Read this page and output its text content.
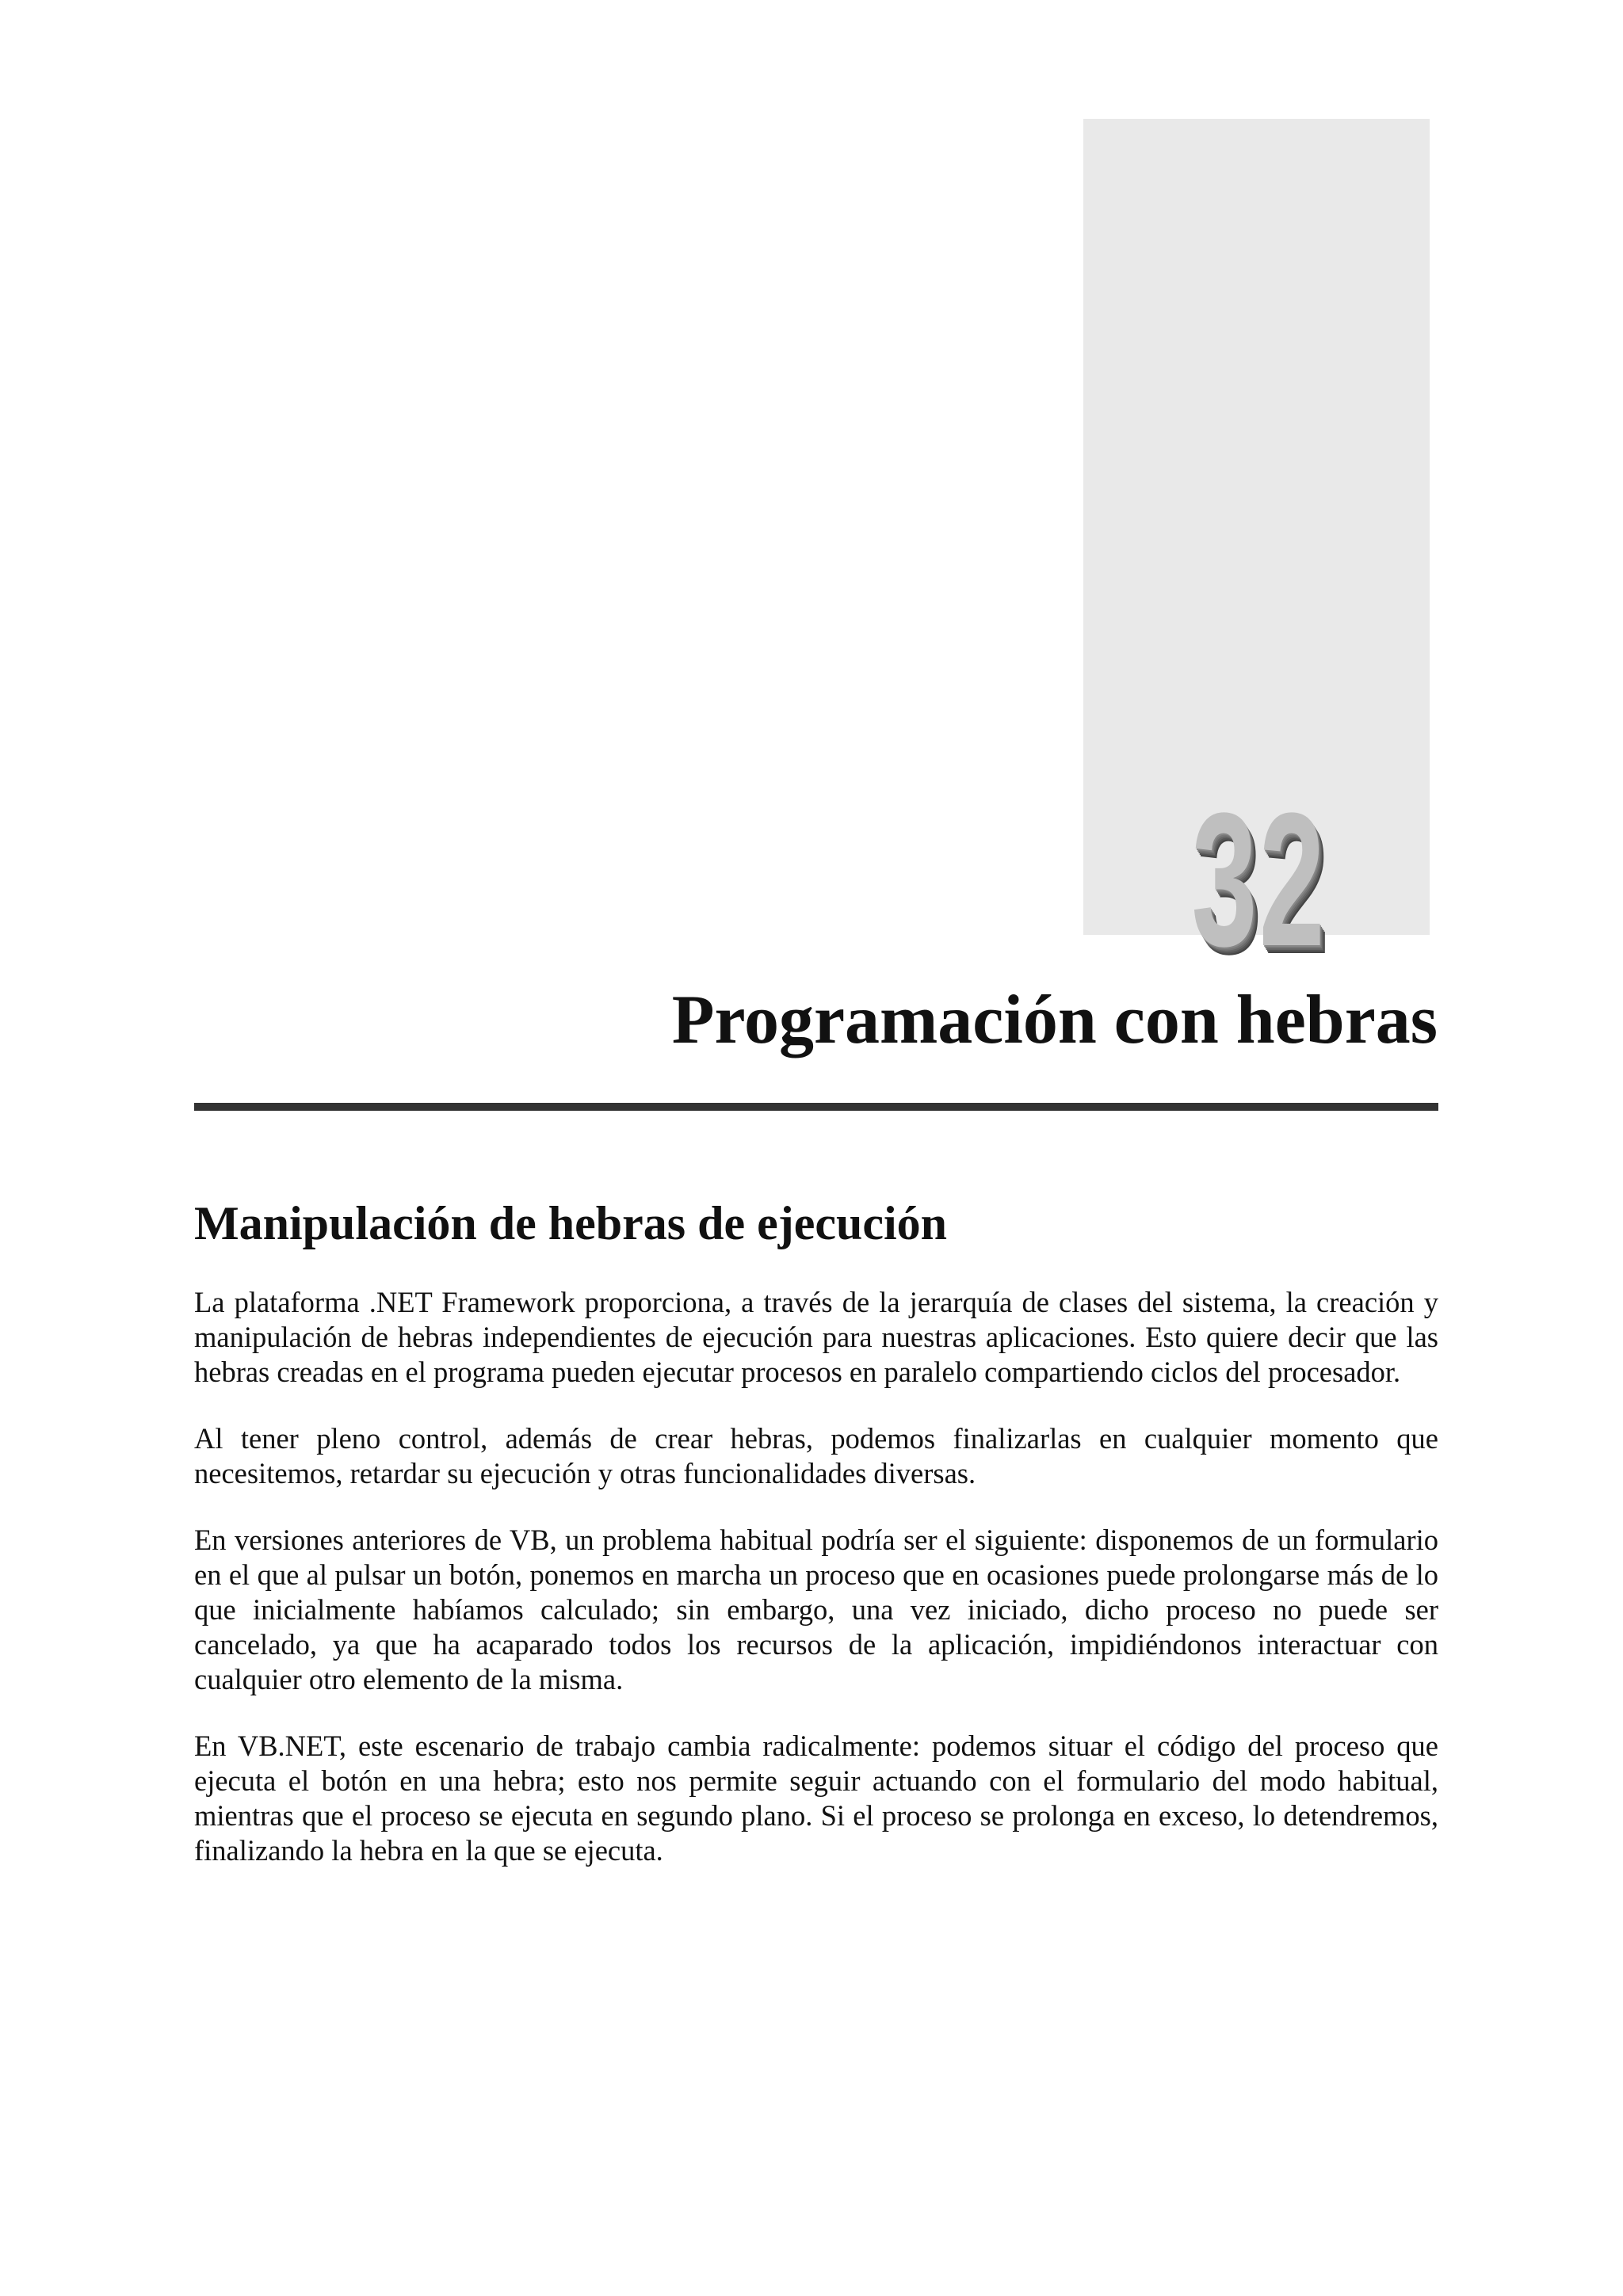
32
Programación con hebras
Manipulación de hebras de ejecución

La plataforma .NET Framework proporciona, a través de la jerarquía de clases del sistema, la creación y manipulación de hebras independientes de ejecución para nuestras aplicaciones. Esto quiere decir que las hebras creadas en el programa pueden ejecutar procesos en paralelo compartiendo ciclos del procesador.

Al tener pleno control, además de crear hebras, podemos finalizarlas en cualquier momento que necesitemos, retardar su ejecución y otras funcionalidades diversas.

En versiones anteriores de VB, un problema habitual podría ser el siguiente: disponemos de un formulario en el que al pulsar un botón, ponemos en marcha un proceso que en ocasiones puede prolongarse más de lo que inicialmente habíamos calculado; sin embargo, una vez iniciado, dicho proceso no puede ser cancelado, ya que ha acaparado todos los recursos de la aplicación, impidiéndonos interactuar con cualquier otro elemento de la misma.

En VB.NET, este escenario de trabajo cambia radicalmente: podemos situar el código del proceso que ejecuta el botón en una hebra; esto nos permite seguir actuando con el formulario del modo habitual, mientras que el proceso se ejecuta en segundo plano. Si el proceso se prolonga en exceso, lo detendremos, finalizando la hebra en la que se ejecuta.
